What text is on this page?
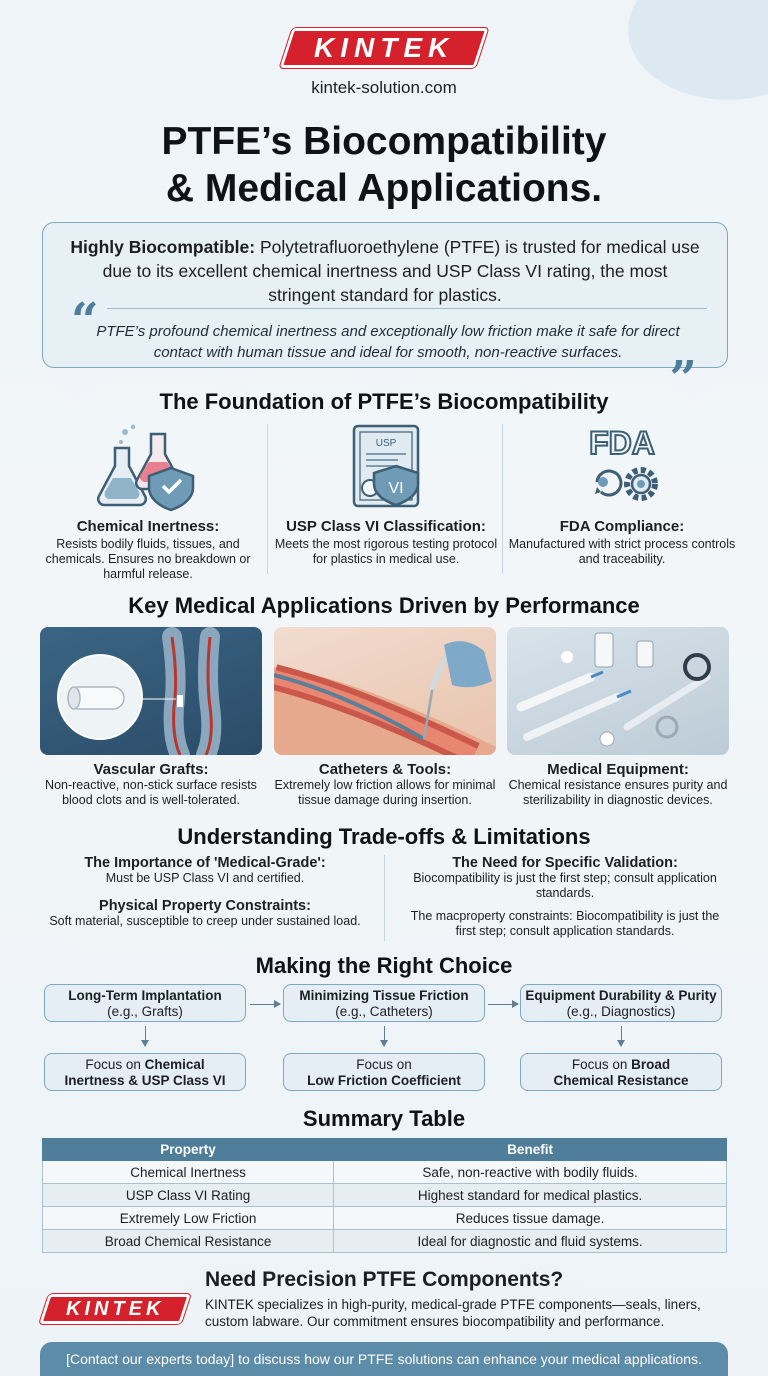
KINTEK
kintek-solution.com
PTFE’s Biocompatibility
& Medical Applications.
Highly Biocompatible: Polytetrafluoroethylene (PTFE) is trusted for medical use due to its excellent chemical inertness and USP Class VI rating, the most stringent standard for plastics.
“
PTFE’s profound chemical inertness and exceptionally low friction make it safe for direct contact with human tissue and ideal for smooth, non-reactive surfaces. ”
The Foundation of PTFE’s Biocompatibility
Chemical Inertness:
Resists bodily fluids, tissues, and chemicals. Ensures no breakdown or harmful release.
USP
VI
USP Class VI Classification:
Meets the most rigorous testing protocol for plastics in medical use.
FDA
FDA Compliance:
Manufactured with strict process controls and traceability.
Key Medical Applications Driven by Performance
Vascular Grafts:
Non-reactive, non-stick surface resists blood clots and is well-tolerated.
Catheters & Tools:
Extremely low friction allows for minimal tissue damage during insertion.
Medical Equipment:
Chemical resistance ensures purity and sterilizability in diagnostic devices.
Understanding Trade-offs & Limitations
The Importance of 'Medical-Grade':
Must be USP Class VI and certified.
Physical Property Constraints:
Soft material, susceptible to creep under sustained load.
The Need for Specific Validation:
Biocompatibility is just the first step; consult application standards.
The macproperty constraints: Biocompatibility is just the first step; consult application standards.
Making the Right Choice
Long-Term Implantation
(e.g., Grafts)
Minimizing Tissue Friction
(e.g., Catheters)
Equipment Durability & Purity
(e.g., Diagnostics)
Focus on Chemical
Inertness & USP Class VI
Focus on
Low Friction Coefficient
Focus on Broad
Chemical Resistance
Summary Table
Property	Benefit
Chemical Inertness	Safe, non-reactive with bodily fluids.
USP Class VI Rating	Highest standard for medical plastics.
Extremely Low Friction	Reduces tissue damage.
Broad Chemical Resistance	Ideal for diagnostic and fluid systems.
Need Precision PTFE Components?
KINTEK	KINTEK specializes in high-purity, medical-grade PTFE components—seals, liners, custom labware. Our commitment ensures biocompatibility and performance.
[Contact our experts today] to discuss how our PTFE solutions can enhance your medical applications.
